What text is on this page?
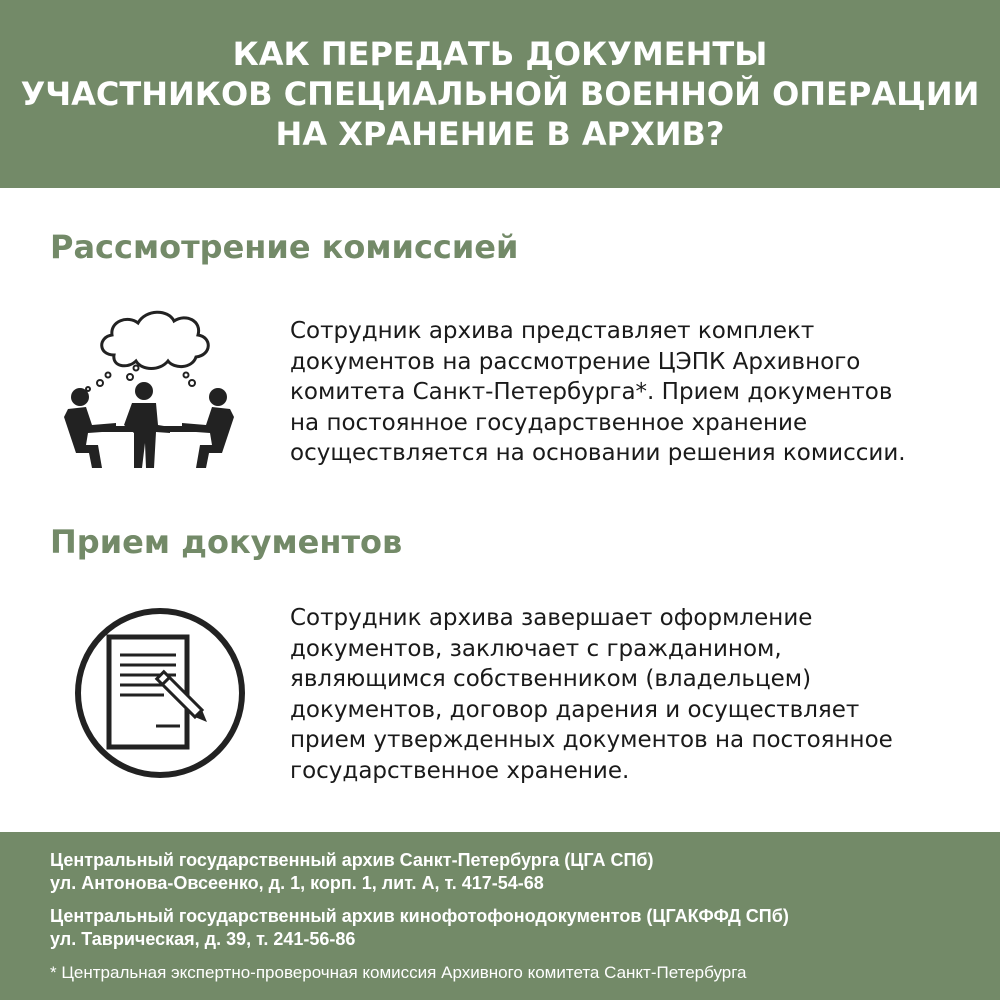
КАК ПЕРЕДАТЬ ДОКУМЕНТЫ
УЧАСТНИКОВ СПЕЦИАЛЬНОЙ ВОЕННОЙ ОПЕРАЦИИ
НА ХРАНЕНИЕ В АРХИВ?
Рассмотрение комиссией
Сотрудник архива представляет комплект
документов на рассмотрение ЦЭПК Архивного
комитета Санкт-Петербурга*. Прием документов
на постоянное государственное хранение
осуществляется на основании решения комиссии.
Прием документов
Сотрудник архива завершает оформление
документов, заключает с гражданином,
являющимся собственником (владельцем)
документов, договор дарения и осуществляет
прием утвержденных документов на постоянное
государственное хранение.
Центральный государственный архив Санкт-Петербурга (ЦГА СПб)
ул. Антонова-Овсеенко, д. 1, корп. 1, лит. А, т. 417-54-68
Центральный государственный архив кинофотофонодокументов (ЦГАКФФД СПб)
ул. Таврическая, д. 39, т. 241-56-86
* Центральная экспертно-проверочная комиссия Архивного комитета Санкт-Петербурга
